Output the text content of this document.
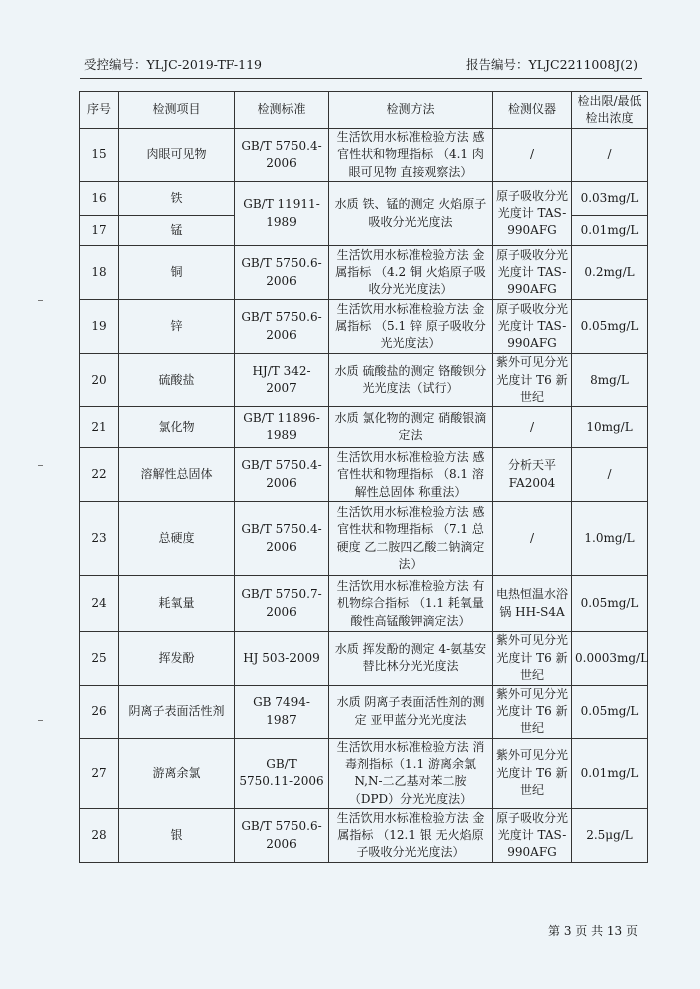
受控编号：YLJC-2019-TF-119	报告编号：YLJC2211008J(2)
序号	检测项目	检测标准	检测方法	检测仪器	检出限/最低检出浓度
15	肉眼可见物	GB/T 5750.4-2006	生活饮用水标准检验方法 感官性状和物理指标 （4.1 肉眼可见物 直接观察法）	/	/
16	铁	GB/T 11911-1989	水质 铁、锰的测定 火焰原子吸收分光光度法	原子吸收分光光度计 TAS-990AFG	0.03mg/L
17	锰				0.01mg/L
18	铜	GB/T 5750.6-2006	生活饮用水标准检验方法 金属指标 （4.2 铜 火焰原子吸收分光光度法）	原子吸收分光光度计 TAS-990AFG	0.2mg/L
19	锌	GB/T 5750.6-2006	生活饮用水标准检验方法 金属指标 （5.1 锌 原子吸收分光光度法）	原子吸收分光光度计 TAS-990AFG	0.05mg/L
20	硫酸盐	HJ/T 342-2007	水质 硫酸盐的测定 铬酸钡分光光度法（试行）	紫外可见分光光度计 T6 新世纪	8mg/L
21	氯化物	GB/T 11896-1989	水质 氯化物的测定 硝酸银滴定法	/	10mg/L
22	溶解性总固体	GB/T 5750.4-2006	生活饮用水标准检验方法 感官性状和物理指标 （8.1 溶解性总固体 称重法）	分析天平 FA2004	/
23	总硬度	GB/T 5750.4-2006	生活饮用水标准检验方法 感官性状和物理指标 （7.1 总硬度 乙二胺四乙酸二钠滴定法）	/	1.0mg/L
24	耗氧量	GB/T 5750.7-2006	生活饮用水标准检验方法 有机物综合指标 （1.1 耗氧量 酸性高锰酸钾滴定法）	电热恒温水浴锅 HH-S4A	0.05mg/L
25	挥发酚	HJ 503-2009	水质 挥发酚的测定 4-氨基安替比林分光光度法	紫外可见分光光度计 T6 新世纪	0.0003mg/L
26	阴离子表面活性剂	GB 7494-1987	水质 阴离子表面活性剂的测定 亚甲蓝分光光度法	紫外可见分光光度计 T6 新世纪	0.05mg/L
27	游离余氯	GB/T 5750.11-2006	生活饮用水标准检验方法 消毒剂指标（1.1 游离余氯 N,N-二乙基对苯二胺（DPD）分光光度法）	紫外可见分光光度计 T6 新世纪	0.01mg/L
28	银	GB/T 5750.6-2006	生活饮用水标准检验方法 金属指标 （12.1 银 无火焰原子吸收分光光度法）	原子吸收分光光度计 TAS-990AFG	2.5μg/L
第 3 页 共 13 页
